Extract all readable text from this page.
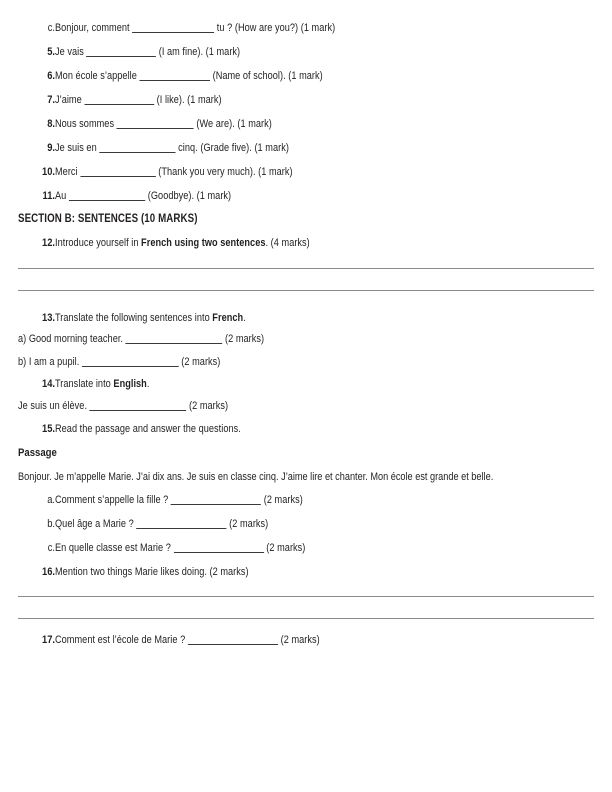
c. Bonjour, comment	tu ? (How are you?) (1 mark)
5. Je vais	(I am fine). (1 mark)
6. Mon école s’appelle	(Name of school). (1 mark)
7. J’aime	(I like). (1 mark)
8. Nous sommes	(We are). (1 mark)
9. Je suis en	cinq. (Grade five). (1 mark)
10. Merci	(Thank you very much). (1 mark)
11. Au	(Goodbye). (1 mark)
SECTION B: SENTENCES (10 MARKS)
12. Introduce yourself in French using two sentences. (4 marks)
13. Translate the following sentences into French.
a) Good morning teacher.	(2 marks)
b) I am a pupil.	(2 marks)
14. Translate into English.
Je suis un élève.	(2 marks)
15. Read the passage and answer the questions.
Passage
Bonjour. Je m’appelle Marie. J’ai dix ans. Je suis en classe cinq. J’aime lire et chanter. Mon école est grande et belle.
a. Comment s’appelle la fille ?	(2 marks)
b. Quel âge a Marie ?	(2 marks)
c. En quelle classe est Marie ?	(2 marks)
16. Mention two things Marie likes doing. (2 marks)
17. Comment est l’école de Marie ?	(2 marks)
